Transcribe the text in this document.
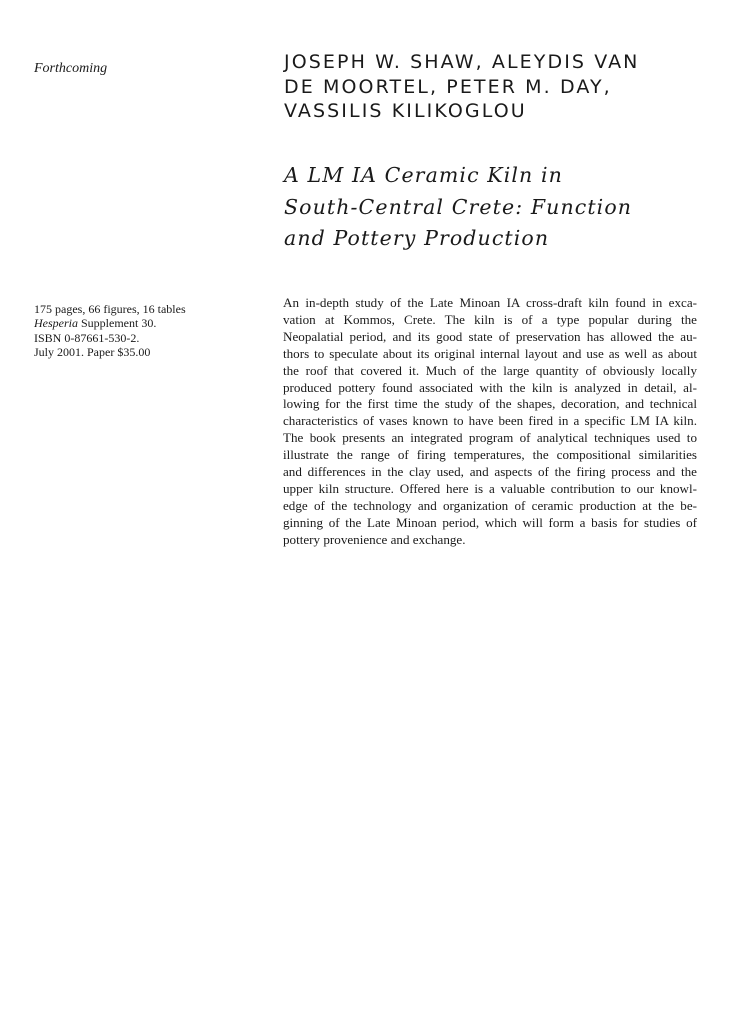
Forthcoming	JOSEPH W. SHAW, ALEYDIS VAN
DE MOORTEL, PETER M. DAY,
VASSILIS KILIKOGLOU
A LM IA Ceramic Kiln in
South-Central Crete: Function
and Pottery Production
175 pages, 66 figures, 16 tables
Hesperia Supplement 30.
ISBN 0-87661-530-2.
July 2001. Paper $35.00
An in-depth study of the Late Minoan IA cross-draft kiln found in exca-
vation at Kommos, Crete. The kiln is of a type popular during the
Neopalatial period, and its good state of preservation has allowed the au-
thors to speculate about its original internal layout and use as well as about
the roof that covered it. Much of the large quantity of obviously locally
produced pottery found associated with the kiln is analyzed in detail, al-
lowing for the first time the study of the shapes, decoration, and technical
characteristics of vases known to have been fired in a specific LM IA kiln.
The book presents an integrated program of analytical techniques used to
illustrate the range of firing temperatures, the compositional similarities
and differences in the clay used, and aspects of the firing process and the
upper kiln structure. Offered here is a valuable contribution to our knowl-
edge of the technology and organization of ceramic production at the be-
ginning of the Late Minoan period, which will form a basis for studies of
pottery provenience and exchange.
